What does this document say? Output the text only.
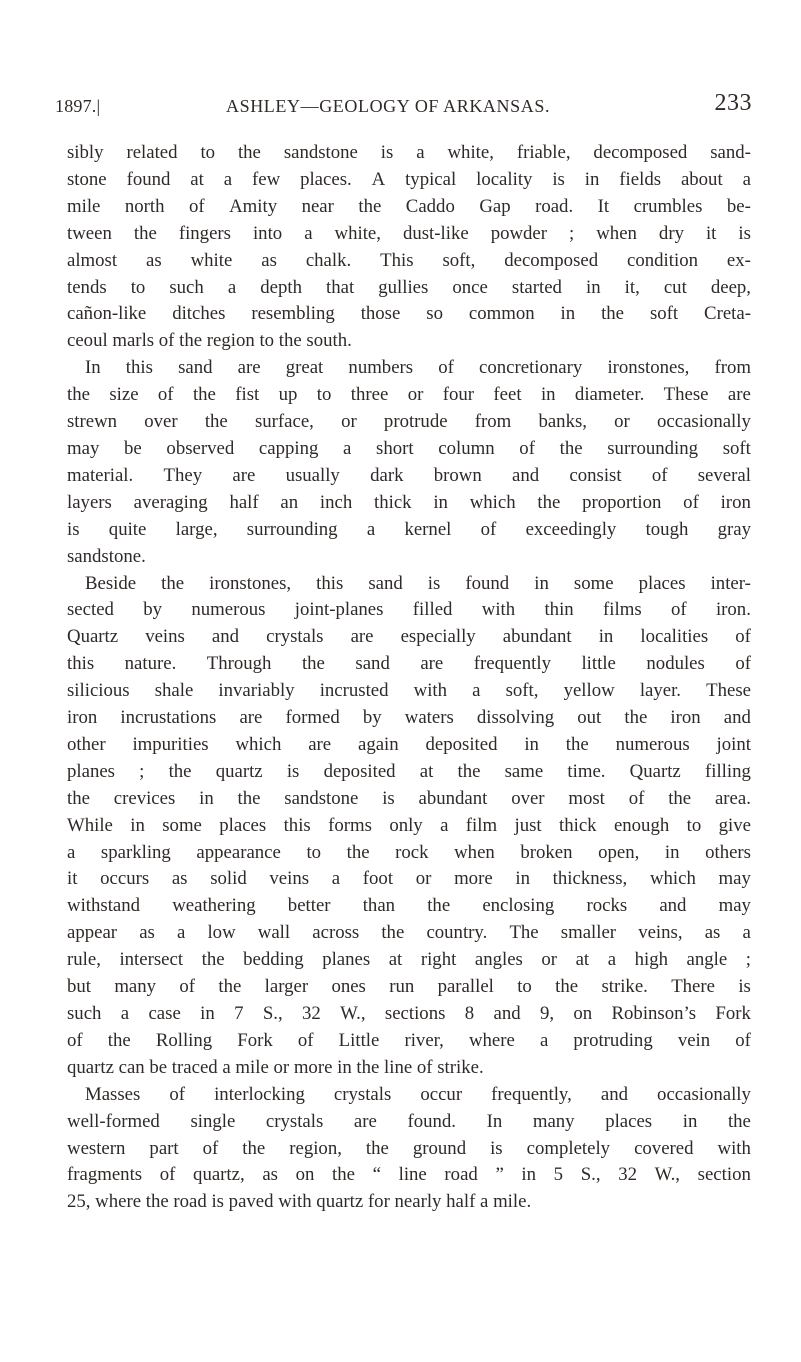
1897.|	ASHLEY—GEOLOGY OF ARKANSAS.	233
sibly related to the sandstone is a white, friable, decomposed sand-
stone found at a few places. A typical locality is in fields about a
mile north of Amity near the Caddo Gap road. It crumbles be-
tween the fingers into a white, dust-like powder ; when dry it is
almost as white as chalk. This soft, decomposed condition ex-
tends to such a depth that gullies once started in it, cut deep,
cañon-like ditches resembling those so common in the soft Creta-
ceoul marls of the region to the south.
In this sand are great numbers of concretionary ironstones, from
the size of the fist up to three or four feet in diameter. These are
strewn over the surface, or protrude from banks, or occasionally
may be observed capping a short column of the surrounding soft
material. They are usually dark brown and consist of several
layers averaging half an inch thick in which the proportion of iron
is quite large, surrounding a kernel of exceedingly tough gray
sandstone.
Beside the ironstones, this sand is found in some places inter-
sected by numerous joint-planes filled with thin films of iron.
Quartz veins and crystals are especially abundant in localities of
this nature. Through the sand are frequently little nodules of
silicious shale invariably incrusted with a soft, yellow layer. These
iron incrustations are formed by waters dissolving out the iron and
other impurities which are again deposited in the numerous joint
planes ; the quartz is deposited at the same time. Quartz filling
the crevices in the sandstone is abundant over most of the area.
While in some places this forms only a film just thick enough to give
a sparkling appearance to the rock when broken open, in others
it occurs as solid veins a foot or more in thickness, which may
withstand weathering better than the enclosing rocks and may
appear as a low wall across the country. The smaller veins, as a
rule, intersect the bedding planes at right angles or at a high angle ;
but many of the larger ones run parallel to the strike. There is
such a case in 7 S., 32 W., sections 8 and 9, on Robinson’s Fork
of the Rolling Fork of Little river, where a protruding vein of
quartz can be traced a mile or more in the line of strike.
Masses of interlocking crystals occur frequently, and occasionally
well-formed single crystals are found. In many places in the
western part of the region, the ground is completely covered with
fragments of quartz, as on the “ line road ” in 5 S., 32 W., section
25, where the road is paved with quartz for nearly half a mile.
